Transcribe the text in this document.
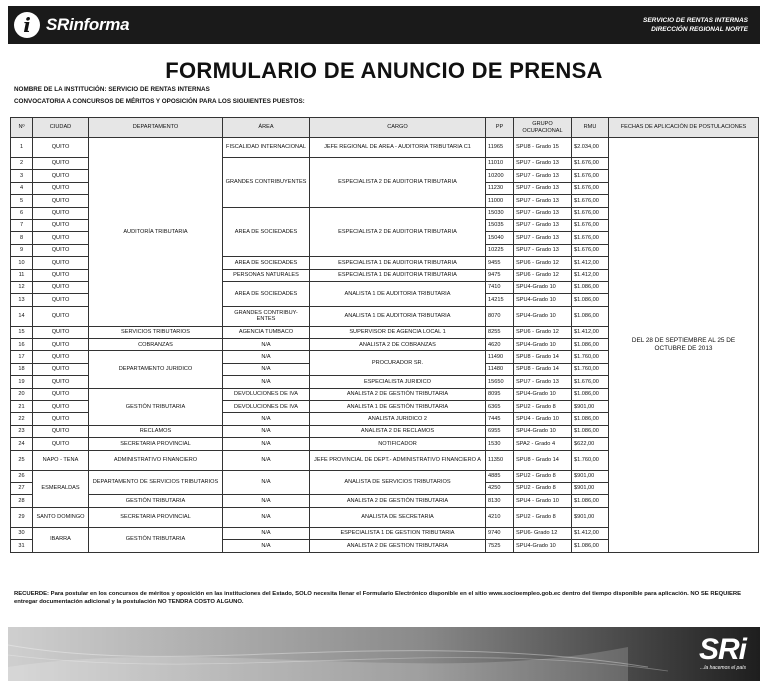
i SRinforma	SERVICIO DE RENTAS INTERNAS
DIRECCIÓN REGIONAL NORTE
FORMULARIO DE ANUNCIO DE PRENSA
NOMBRE DE LA INSTITUCIÓN: SERVICIO DE RENTAS INTERNAS
CONVOCATORIA A CONCURSOS DE MÉRITOS Y OPOSICIÓN PARA LOS SIGUIENTES PUESTOS:
Nº	CIUDAD	DEPARTAMENTO	ÁREA	CARGO	PP	GRUPO OCUPACIONAL	RMU	FECHAS DE APLICACIÓN DE POSTULACIONES
1	QUITO	AUDITORÍA TRIBUTARIA	FISCALIDAD INTERNACIONAL	JEFE REGIONAL DE AREA - AUDITORIA TRIBUTARIA C1	11965	SPU8 - Grado 15	$2.034,00	DEL 28 DE SEPTIEMBRE AL 25 DE OCTUBRE DE 2013
2	QUITO		GRANDES CONTRIBUYENTES	ESPECIALISTA 2 DE AUDITORIA TRIBUTARIA	11010	SPU7 - Grado 13	$1.676,00	
3	QUITO				10200	SPU7 - Grado 13	$1.676,00	
4	QUITO				11230	SPU7 - Grado 13	$1.676,00	
5	QUITO				11000	SPU7 - Grado 13	$1.676,00	
6	QUITO		AREA DE SOCIEDADES	ESPECIALISTA 2 DE AUDITORIA TRIBUTARIA	15030	SPU7 - Grado 13	$1.676,00	
7	QUITO				15035	SPU7 - Grado 13	$1.676,00	
8	QUITO				15040	SPU7 - Grado 13	$1.676,00	
9	QUITO				10225	SPU7 - Grado 13	$1.676,00	
10	QUITO		AREA DE SOCIEDADES	ESPECIALISTA 1 DE AUDITORIA TRIBUTARIA	9455	SPU6 - Grado 12	$1.412,00	
11	QUITO		PERSONAS NATURALES	ESPECIALISTA 1 DE AUDITORIA TRIBUTARIA	9475	SPU6 - Grado 12	$1.412,00	
12	QUITO		AREA DE SOCIEDADES	ANALISTA 1 DE AUDITORIA TRIBUTARIA	7410	SPU4-Grado 10	$1.086,00	
13	QUITO				14215	SPU4-Grado 10	$1.086,00	
14	QUITO		GRANDES CONTRIBUY-ENTES	ANALISTA 1 DE AUDITORIA TRIBUTARIA	8070	SPU4-Grado 10	$1.086,00	
15	QUITO	SERVICIOS TRIBUTARIOS	AGENCIA TUMBACO	SUPERVISOR DE AGENCIA LOCAL 1	8255	SPU6 - Grado 12	$1.412,00	
16	QUITO	COBRANZAS	N/A	ANALISTA 2 DE COBRANZAS	4620	SPU4-Grado 10	$1.086,00	
17	QUITO	DEPARTAMENTO JURIDICO	N/A	PROCURADOR SR.	11490	SPU8 - Grado 14	$1.760,00	
18	QUITO		N/A		11480	SPU8 - Grado 14	$1.760,00	
19	QUITO		N/A	ESPECIALISTA JURIDICO	15650	SPU7 - Grado 13	$1.676,00	
20	QUITO	GESTIÓN TRIBUTARIA	DEVOLUCIONES DE IVA	ANALISTA 2 DE GESTIÓN TRIBUTARIA	8095	SPU4-Grado 10	$1.086,00	
21	QUITO		DEVOLUCIONES DE IVA	ANALISTA 1 DE GESTIÓN TRIBUTARIA	6365	SPU2 - Grado 8	$901,00	
22	QUITO		N/A	ANALISTA JURIDICO 2	7445	SPU4 - Grado 10	$1.086,00	
23	QUITO	RECLAMOS	N/A	ANALISTA 2 DE RECLAMOS	6955	SPU4-Grado 10	$1.086,00	
24	QUITO	SECRETARIA PROVINCIAL	N/A	NOTIFICADOR	1530	SPA2 - Grado 4	$622,00	
25	NAPO - TENA	ADMINISTRATIVO FINANCIERO	N/A	JEFE PROVINCIAL DE DEPT.- ADMINISTRATIVO FINANCIERO A	11350	SPU8 - Grado 14	$1.760,00	
26	ESMERALDAS	DEPARTAMENTO DE SERVICIOS TRIBUTARIOS	N/A	ANALISTA DE SERVICIOS TRIBUTARIOS	4885	SPU2 - Grado 8	$901,00	
27					4250	SPU2 - Grado 8	$901,00	
28		GESTIÓN TRIBUTARIA	N/A	ANALISTA 2 DE GESTIÓN TRIBUTARIA	8130	SPU4 - Grado 10	$1.086,00	
29	SANTO DOMINGO	SECRETARIA PROVINCIAL	N/A	ANALISTA DE SECRETARIA	4210	SPU2 - Grado 8	$901,00	
30	IBARRA	GESTIÓN TRIBUTARIA	N/A	ESPECIALISTA 1 DE GESTION TRIBUTARIA	9740	SPU6- Grado 12	$1.412,00	
31			N/A	ANALISTA 2 DE GESTION TRIBUTARIA	7525	SPU4-Grado 10	$1.086,00	
RECUERDE: Para postular en los concursos de méritos y oposición en las instituciones del Estado, SOLO necesita llenar el Formulario Electrónico disponible en el sitio www.socioempleo.gob.ec dentro del tiempo disponible para aplicación. NO SE REQUIERE entregar documentación adicional y la postulación NO TENDRA COSTO ALGUNO.
SRi
...la hacemos el país
